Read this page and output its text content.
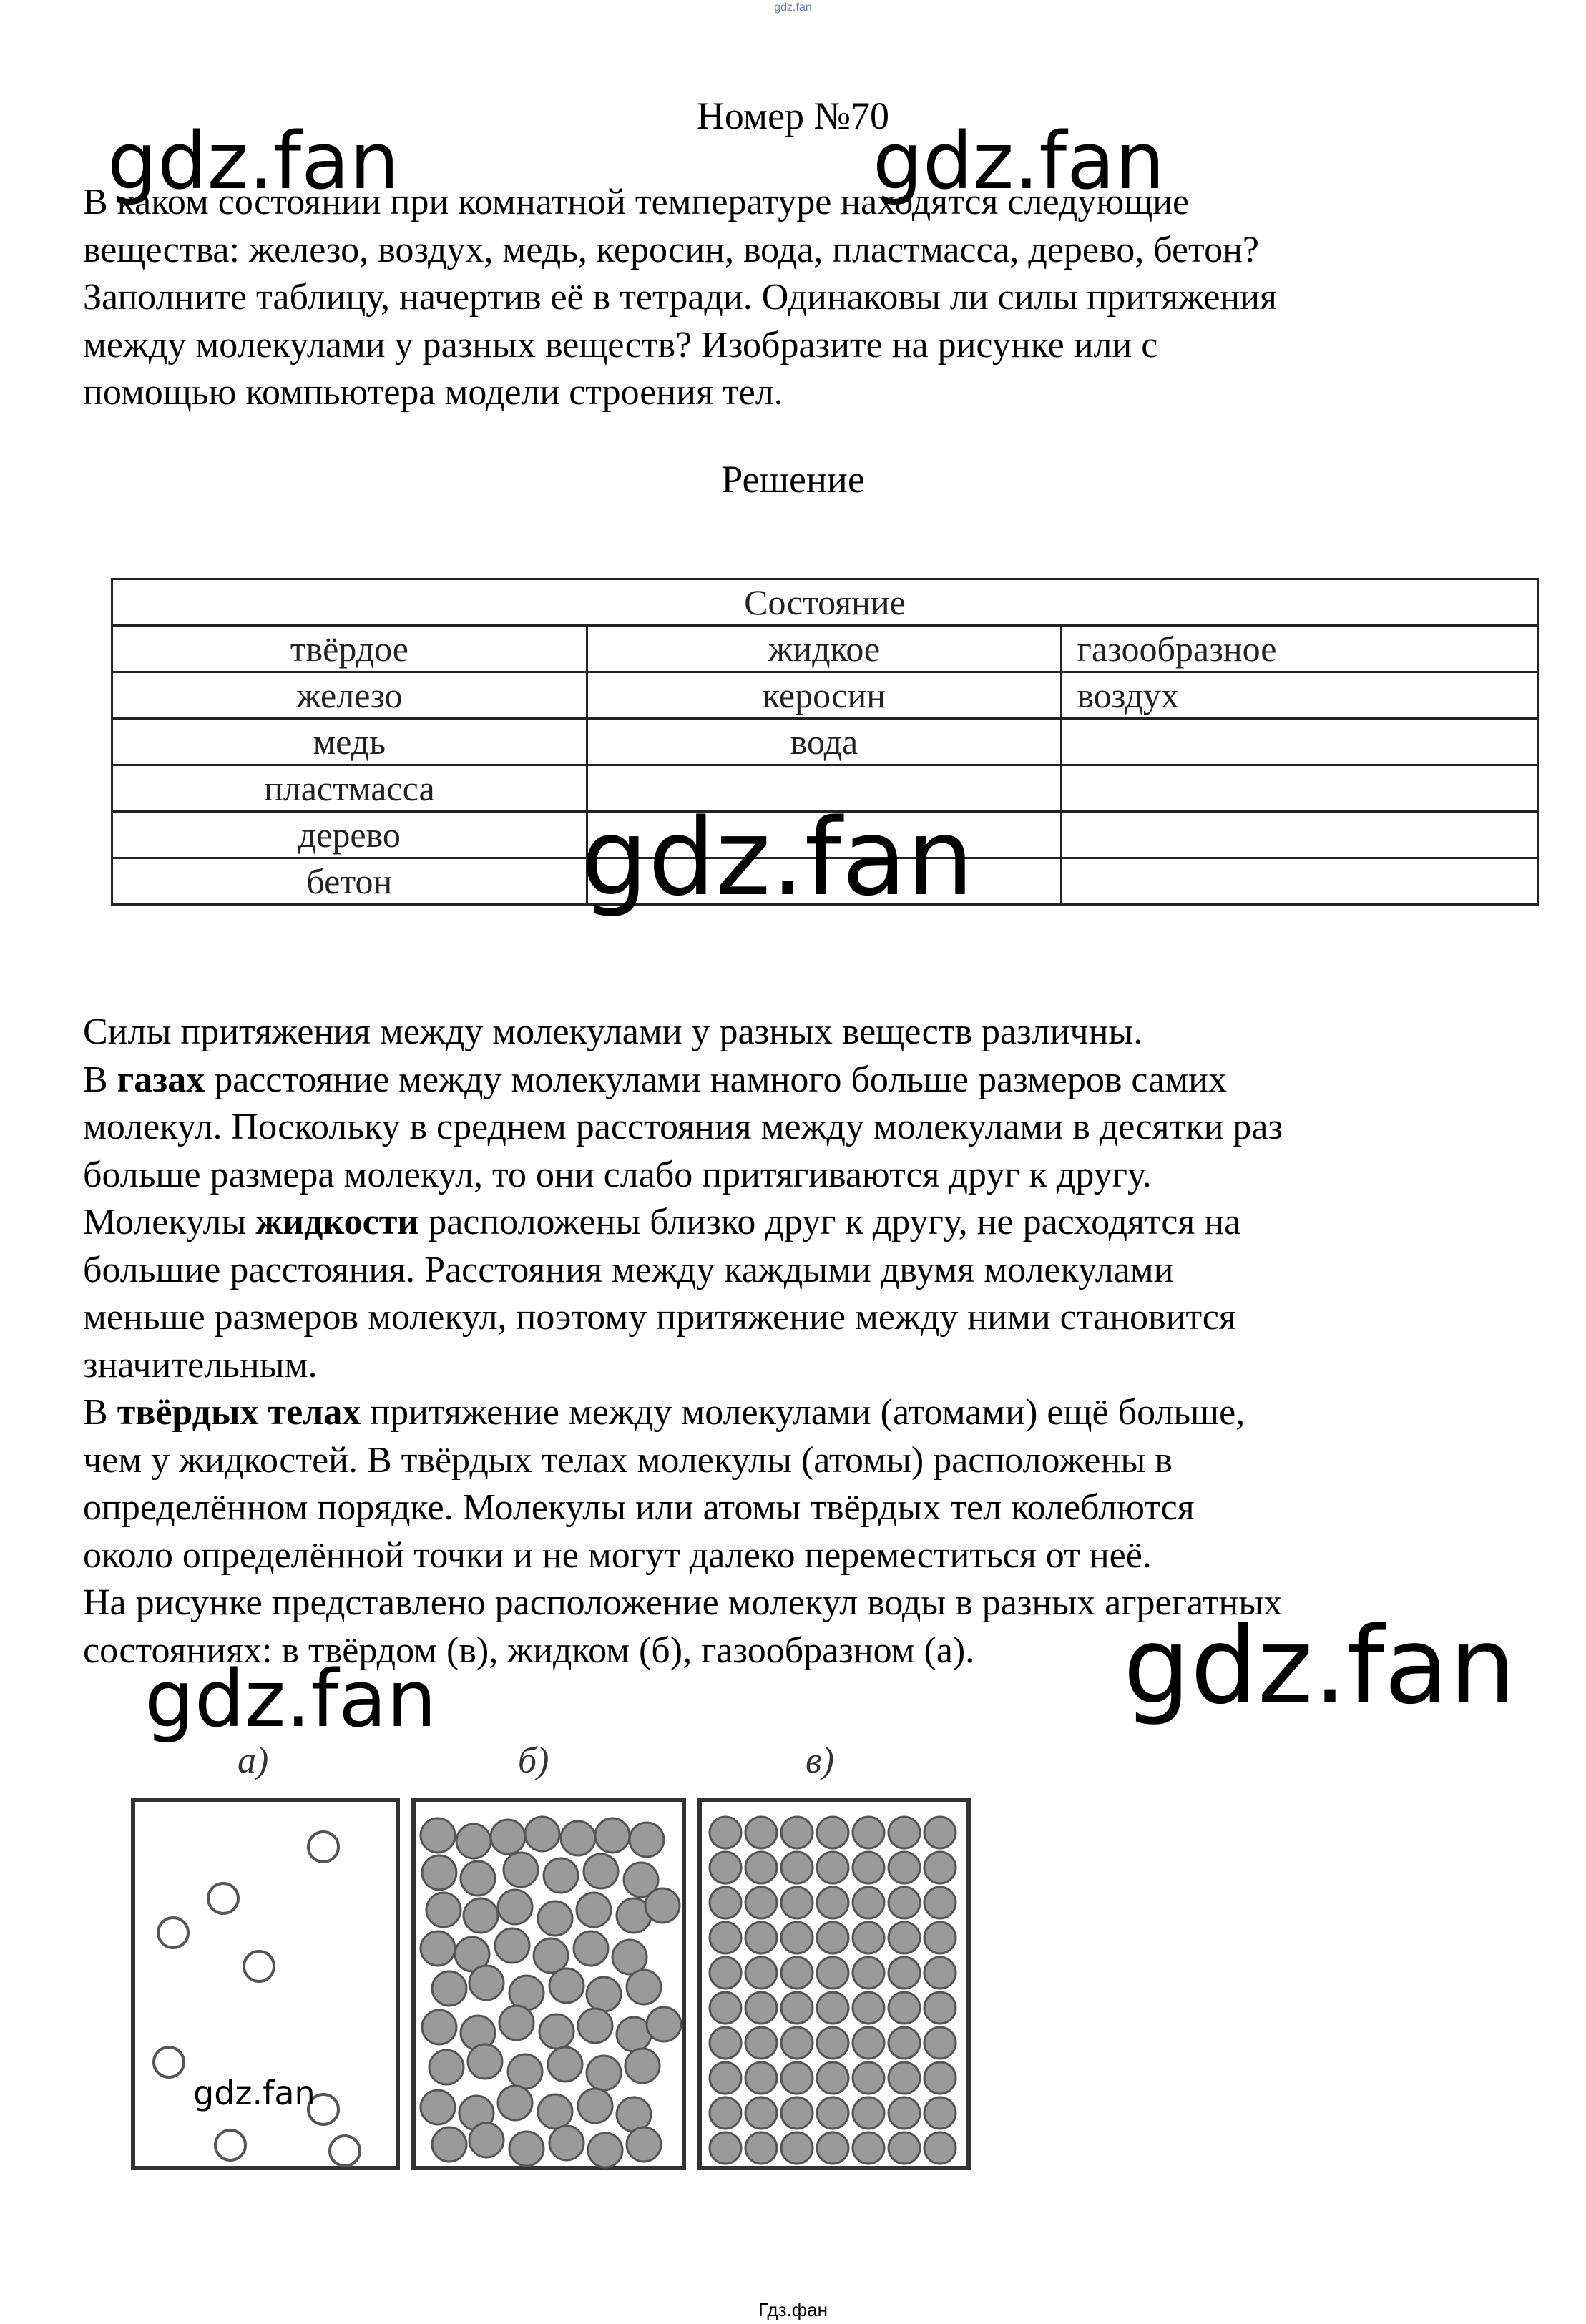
gdz.fan
Номер №70

В каком состоянии при комнатной температуре находятся следующие

вещества: железо, воздух, медь, керосин, вода, пластмасса, дерево, бетон?

Заполните таблицу, начертив её в тетради. Одинаковы ли силы притяжения

между молекулами у разных веществ? Изобразите на рисунке или с

помощью компьютера модели строения тел.

Решение
Состояние		
твёрдое	жидкое	газообразное
железо	керосин	воздух
медь	вода	
пластмасса		
дерево		
бетон		

Силы притяжения между молекулами у разных веществ различны.

В газах расстояние между молекулами намного больше размеров самих

молекул. Поскольку в среднем расстояния между молекулами в десятки раз

больше размера молекул, то они слабо притягиваются друг к другу.

Молекулы жидкости расположены близко друг к другу, не расходятся на

большие расстояния. Расстояния между каждыми двумя молекулами

меньше размеров молекул, поэтому притяжение между ними становится

значительным.

В твёрдых телах притяжение между молекулами (атомами) ещё больше,

чем у жидкостей. В твёрдых телах молекулы (атомы) расположены в

определённом порядке. Молекулы или атомы твёрдых тел колеблются

около определённой точки и не могут далеко переместиться от неё.

На рисунке представлено расположение молекул воды в разных агрегатных

состояниях: в твёрдом (в), жидком (б), газообразном (а).

а)	б)	в)
gdz.fan	gdz.fan
gdz.fan
gdz.fan
gdz.fan
gdz.fan
Гдз.фан
